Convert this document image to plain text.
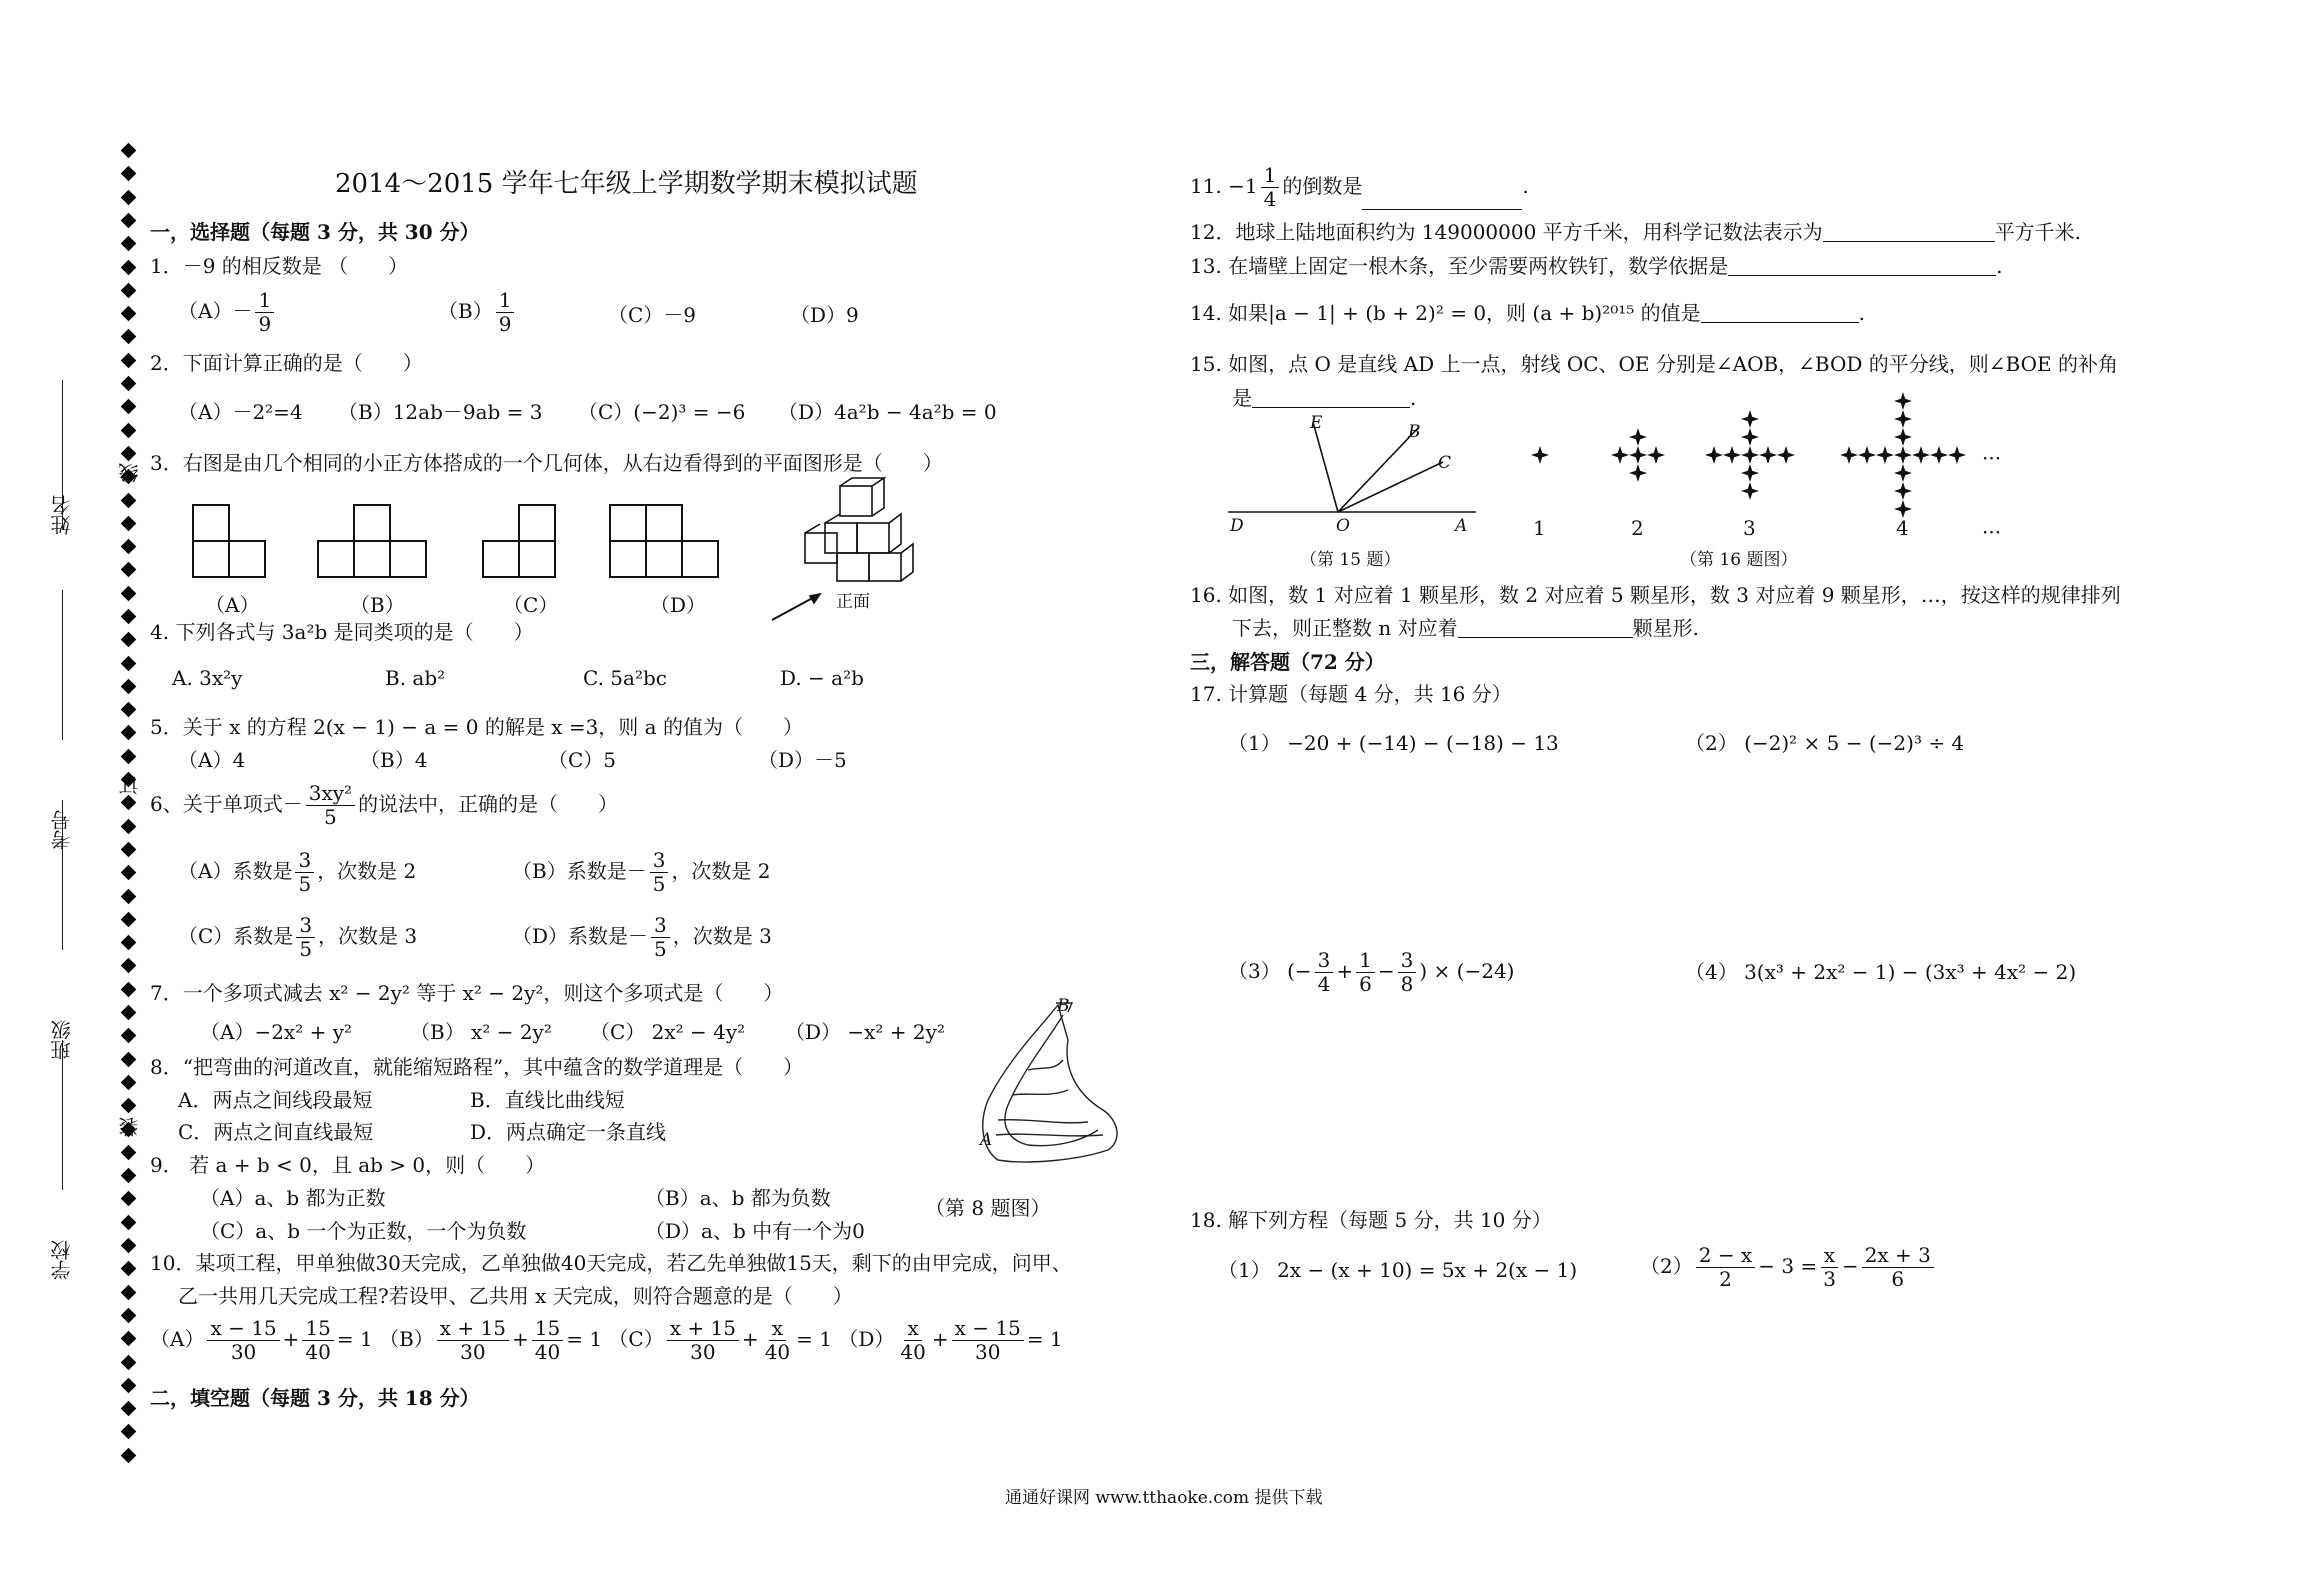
姓名
考号
班级
学校
线
订
装
2014～2015 学年七年级上学期数学期末模拟试题
一，选择题（每题 3 分，共 30 分）
1．－9 的相反数是 （　　）
$(A)- \frac{1}{9}$	$(B) \frac{1}{9}$	（C）－9	（D）9
2．下面计算正确的是（　　）
（A）－2²=4 （B）12ab－9ab = 3 （C）(−2)³ = −6 （D）4a²b − 4a²b = 0
3．右图是由几个相同的小正方体搭成的一个几何体，从右边看得到的平面图形是（　　）
正面
（A）	（B）	（C）	（D）
4. 下列各式与 3a²b 是同类项的是（　　）
A. 3x²y	B. ab²	C. 5a²bc	D. − a²b
5．关于 x 的方程 2(x − 1) − a = 0 的解是 x =3，则 a 的值为（　　）
（A）4	（B）4	（C）5	（D）－5
6、关于单项式－ $\frac{\text{3xy²}}{5}$ 的说法中，正确的是（　　）
（A）系数是 $\frac{3}{5}$ ，次数是 2	（B）系数是－ $\frac{3}{5}$ ，次数是 2
（C）系数是 $\frac{3}{5}$ ，次数是 3	（D）系数是－ $\frac{3}{5}$ ，次数是 3
7．一个多项式减去 x² − 2y² 等于 x² − 2y²，则这个多项式是（　　）
（A）−2x² + y²	（B） x² − 2y² （C） 2x² − 4y² （D） −x² + 2y²
8．“把弯曲的河道改直，就能缩短路程”，其中蕴含的数学道理是（　　）
A．两点之间线段最短	B．直线比曲线短
C．两点之间直线最短	D．两点确定一条直线
B
A
（第 8 题图）
9． 若 a + b < 0，且 ab > 0，则（　　）
（A）a、b 都为正数	（B）a、b 都为负数
（C）a、b 一个为正数，一个为负数	（D）a、b 中有一个为0
10．某项工程，甲单独做30天完成，乙单独做40天完成，若乙先单独做15天，剩下的由甲完成，问甲、
乙一共用几天完成工程?若设甲、乙共用 x 天完成，则符合题意的是（　　）
$(A) \frac{x - 15}{30} + \frac{15}{40} = 1$ $(B) \frac{x + 15}{30} + \frac{15}{40} = 1$ $(C) \frac{x + 15}{30} + \frac{x}{40} = 1$ $(D) \frac{x}{40} + \frac{x - 15}{30} = 1$
二，填空题（每题 3 分，共 18 分）
11. $-1 \frac{1}{4}$ 的倒数是	.
12．地球上陆地面积约为 149000000 平方千米，用科学记数法表示为	平方千米.
13. 在墙壁上固定一根木条，至少需要两枚铁钉，数学依据是	.
14. 如果|a − 1| + (b + 2)² = 0，则 (a + b)²⁰¹⁵ 的值是	.
15. 如图，点 O 是直线 AD 上一点，射线 OC、OE 分别是∠AOB，∠BOD 的平分线，则∠BOE 的补角
是	.
E	B
C
D	O	A
（第 15 题）
1	2	3	4
···
···
（第 16 题图）
16. 如图，数 1 对应着 1 颗星形，数 2 对应着 5 颗星形，数 3 对应着 9 颗星形，…，按这样的规律排列
下去，则正整数 n 对应着	颗星形.
三，解答题（72 分）
17. 计算题（每题 4 分，共 16 分）
（1） −20 + (−14) − (−18) − 13	（2） (−2)² × 5 − (−2)³ ÷ 4
（3） (− $\frac{3}{4} + \frac{1}{6} - \frac{3}{8}$ ) × (−24)	（4） 3(x³ + 2x² − 1) − (3x³ + 4x² − 2)
18. 解下列方程（每题 5 分，共 10 分）
（1） 2x − (x + 10) = 5x + 2(x − 1)	$(2) \frac{2 - x}{2} - 3 = \frac{x}{3} - \frac{2x + 3}{6}$
通通好课网 www.tthaoke.com 提供下载
